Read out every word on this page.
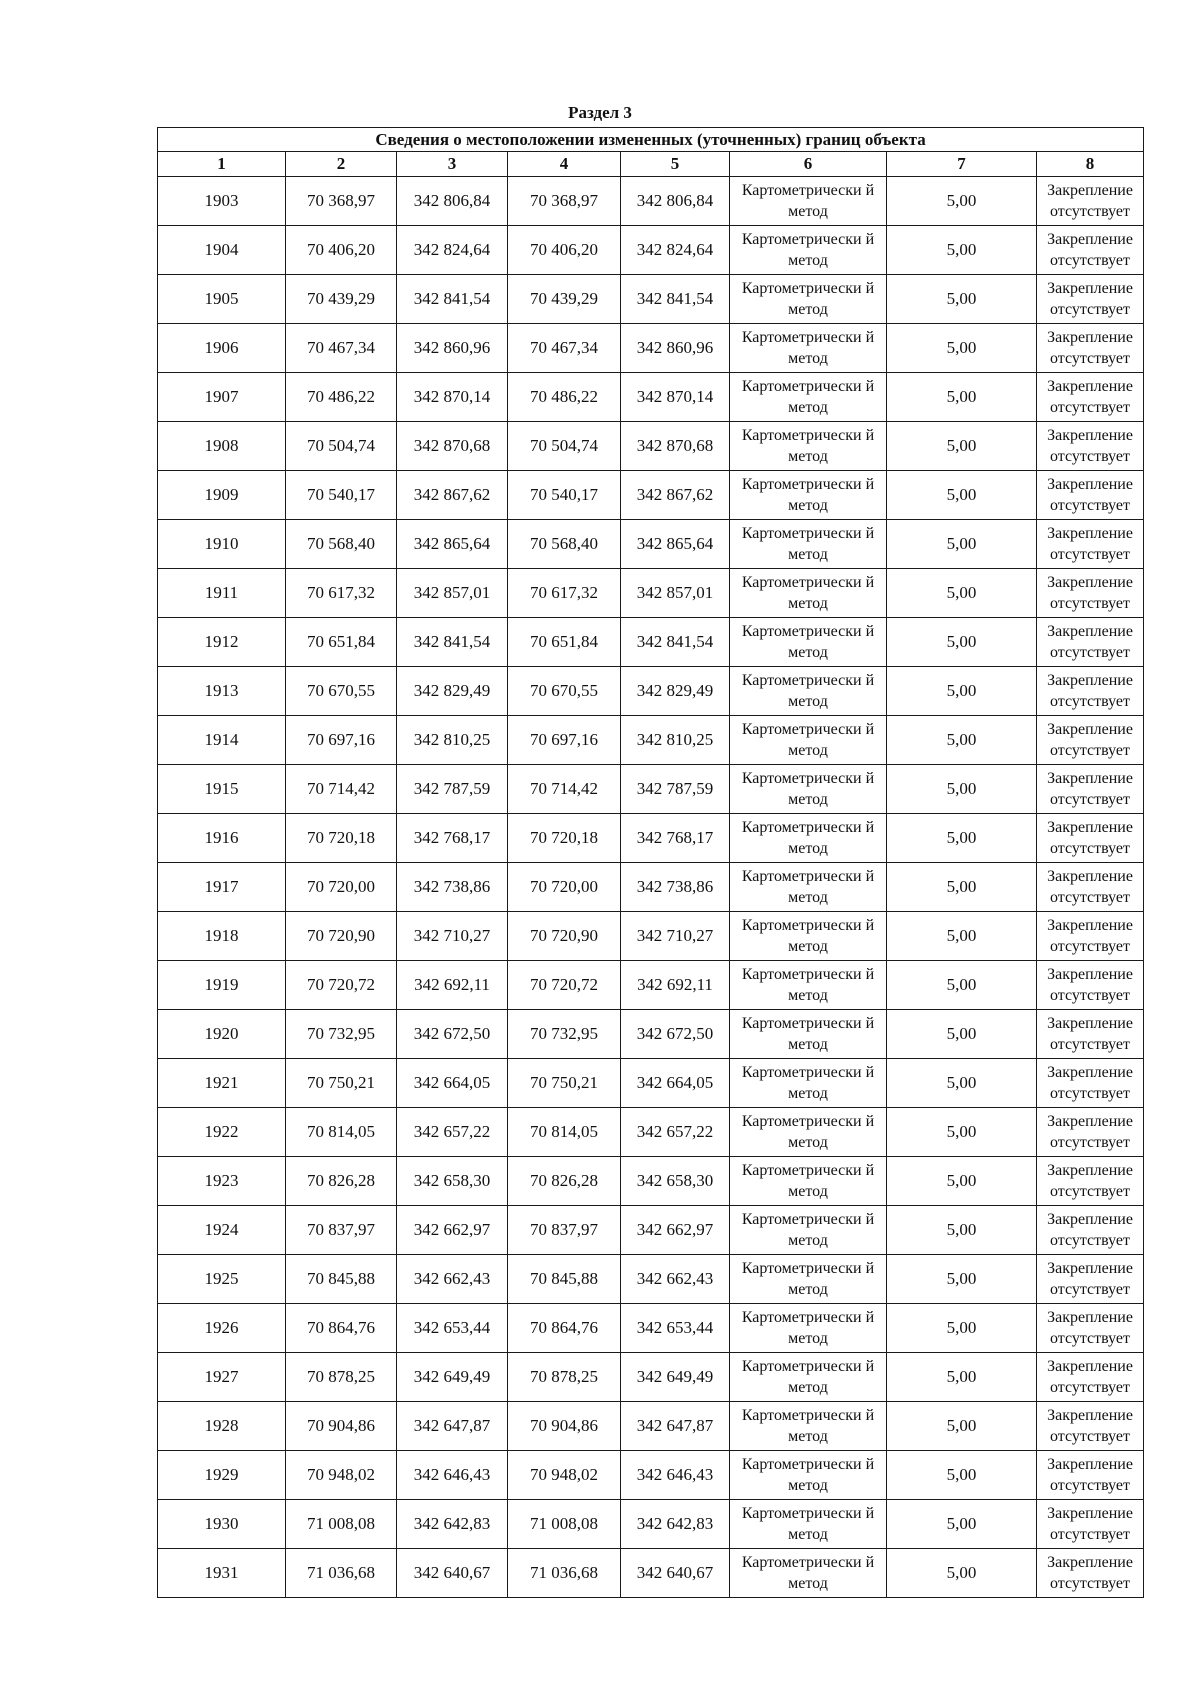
Раздел 3
Сведения о местоположении измененных (уточненных) границ объекта							
1	2	3	4	5	6	7	8
1903	70 368,97	342 806,84	70 368,97	342 806,84	Картометрически й метод	5,00	Закрепление отсутствует
1904	70 406,20	342 824,64	70 406,20	342 824,64	Картометрически й метод	5,00	Закрепление отсутствует
1905	70 439,29	342 841,54	70 439,29	342 841,54	Картометрически й метод	5,00	Закрепление отсутствует
1906	70 467,34	342 860,96	70 467,34	342 860,96	Картометрически й метод	5,00	Закрепление отсутствует
1907	70 486,22	342 870,14	70 486,22	342 870,14	Картометрически й метод	5,00	Закрепление отсутствует
1908	70 504,74	342 870,68	70 504,74	342 870,68	Картометрически й метод	5,00	Закрепление отсутствует
1909	70 540,17	342 867,62	70 540,17	342 867,62	Картометрически й метод	5,00	Закрепление отсутствует
1910	70 568,40	342 865,64	70 568,40	342 865,64	Картометрически й метод	5,00	Закрепление отсутствует
1911	70 617,32	342 857,01	70 617,32	342 857,01	Картометрически й метод	5,00	Закрепление отсутствует
1912	70 651,84	342 841,54	70 651,84	342 841,54	Картометрически й метод	5,00	Закрепление отсутствует
1913	70 670,55	342 829,49	70 670,55	342 829,49	Картометрически й метод	5,00	Закрепление отсутствует
1914	70 697,16	342 810,25	70 697,16	342 810,25	Картометрически й метод	5,00	Закрепление отсутствует
1915	70 714,42	342 787,59	70 714,42	342 787,59	Картометрически й метод	5,00	Закрепление отсутствует
1916	70 720,18	342 768,17	70 720,18	342 768,17	Картометрически й метод	5,00	Закрепление отсутствует
1917	70 720,00	342 738,86	70 720,00	342 738,86	Картометрически й метод	5,00	Закрепление отсутствует
1918	70 720,90	342 710,27	70 720,90	342 710,27	Картометрически й метод	5,00	Закрепление отсутствует
1919	70 720,72	342 692,11	70 720,72	342 692,11	Картометрически й метод	5,00	Закрепление отсутствует
1920	70 732,95	342 672,50	70 732,95	342 672,50	Картометрически й метод	5,00	Закрепление отсутствует
1921	70 750,21	342 664,05	70 750,21	342 664,05	Картометрически й метод	5,00	Закрепление отсутствует
1922	70 814,05	342 657,22	70 814,05	342 657,22	Картометрически й метод	5,00	Закрепление отсутствует
1923	70 826,28	342 658,30	70 826,28	342 658,30	Картометрически й метод	5,00	Закрепление отсутствует
1924	70 837,97	342 662,97	70 837,97	342 662,97	Картометрически й метод	5,00	Закрепление отсутствует
1925	70 845,88	342 662,43	70 845,88	342 662,43	Картометрически й метод	5,00	Закрепление отсутствует
1926	70 864,76	342 653,44	70 864,76	342 653,44	Картометрически й метод	5,00	Закрепление отсутствует
1927	70 878,25	342 649,49	70 878,25	342 649,49	Картометрически й метод	5,00	Закрепление отсутствует
1928	70 904,86	342 647,87	70 904,86	342 647,87	Картометрически й метод	5,00	Закрепление отсутствует
1929	70 948,02	342 646,43	70 948,02	342 646,43	Картометрически й метод	5,00	Закрепление отсутствует
1930	71 008,08	342 642,83	71 008,08	342 642,83	Картометрически й метод	5,00	Закрепление отсутствует
1931	71 036,68	342 640,67	71 036,68	342 640,67	Картометрически й метод	5,00	Закрепление отсутствует
